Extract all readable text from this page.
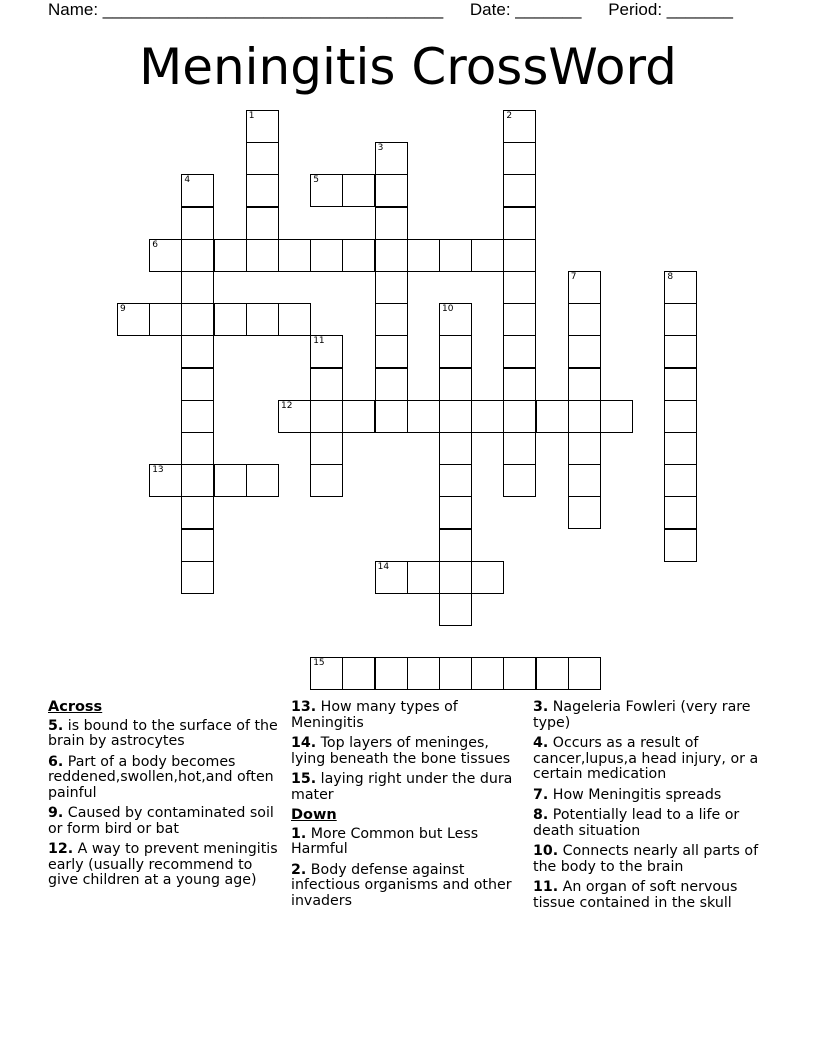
Name: ____________________________________ Date: _______ Period: _______
Meningitis CrossWord
1	2
3
4	5
6
7	8
9	10
11
12
13
14
15
Across
5. is bound to the surface of the brain by astrocytes
6. Part of a body becomes reddened,swollen,hot,and often painful
9. Caused by contaminated soil or form bird or bat
12. A way to prevent meningitis early (usually recommend to give children at a young age)
13. How many types of Meningitis
14. Top layers of meninges, lying beneath the bone tissues
15. laying right under the dura mater
Down
1. More Common but Less Harmful
2. Body defense against infectious organisms and other invaders
3. Nageleria Fowleri (very rare type)
4. Occurs as a result of cancer,lupus,a head injury, or a certain medication
7. How Meningitis spreads
8. Potentially lead to a life or death situation
10. Connects nearly all parts of the body to the brain
11. An organ of soft nervous tissue contained in the skull
